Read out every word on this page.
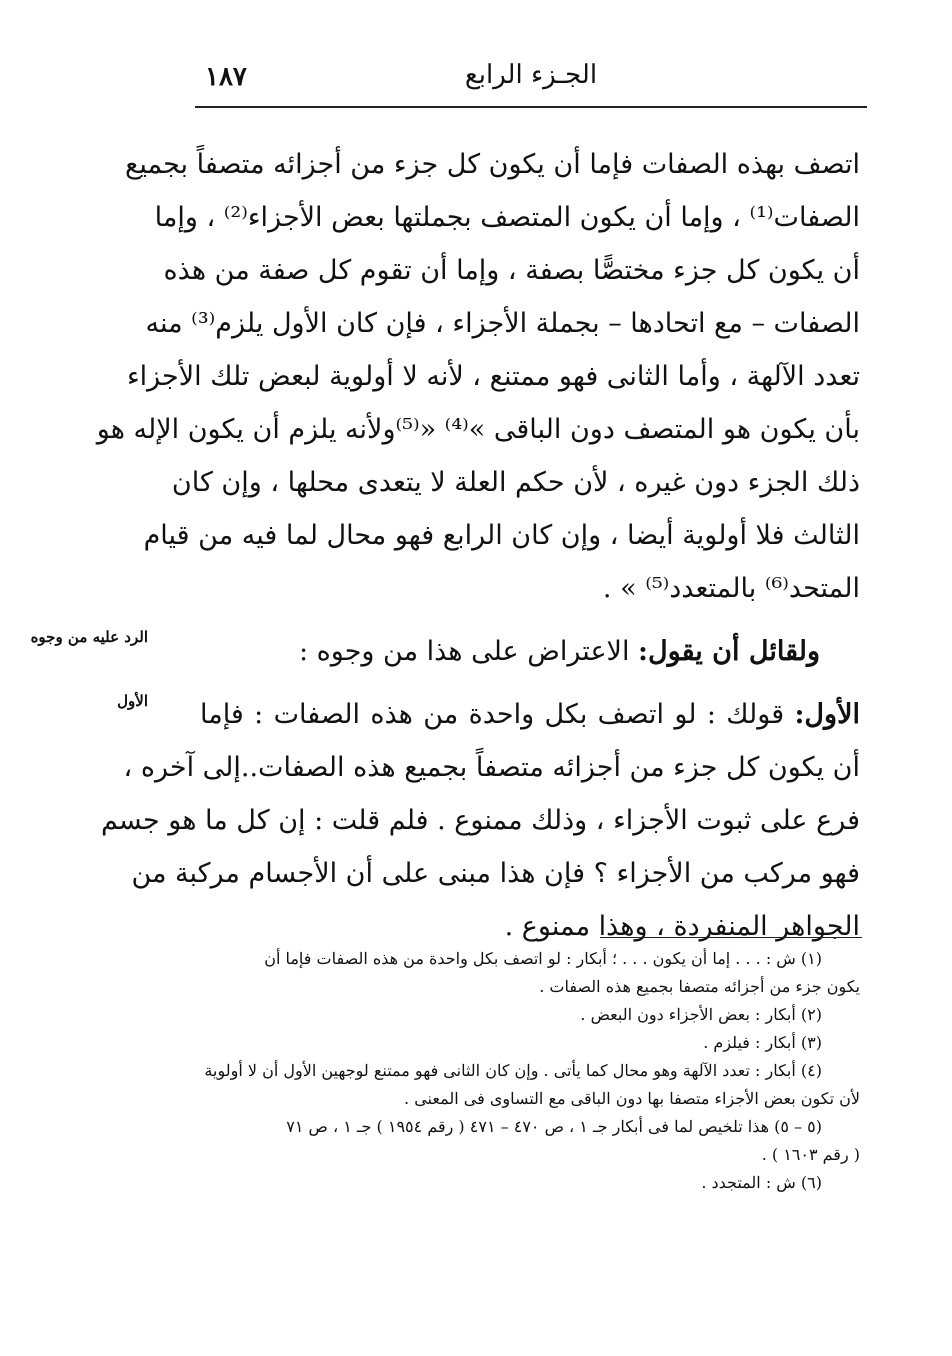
١٨٧	الجـزء الرابع
اتصف بهذه الصفات فإما أن يكون كل جزء من أجزائه متصفاً بجميع
الصفات⁽¹⁾ ، وإما أن يكون المتصف بجملتها بعض الأجزاء⁽²⁾ ، وإما
أن يكون كل جزء مختصًّا بصفة ، وإما أن تقوم كل صفة من هذه
الصفات – مع اتحادها – بجملة الأجزاء ، فإن كان الأول يلزم⁽³⁾ منه
تعدد الآلهة ، وأما الثانى فهو ممتنع ، لأنه لا أولوية لبعض تلك الأجزاء
بأن يكون هو المتصف دون الباقى »⁽⁴⁾ «⁽⁵⁾ولأنه يلزم أن يكون الإله هو
ذلك الجزء دون غيره ، لأن حكم العلة لا يتعدى محلها ، وإن كان
الثالث فلا أولوية أيضا ، وإن كان الرابع فهو محال لما فيه من قيام
المتحد⁽⁶⁾ بالمتعدد⁽⁵⁾ » .
ولقائل أن يقول: الاعتراض على هذا من وجوه :
الأول: قولك : لو اتصف بكل واحدة من هذه الصفات : فإما
أن يكون كل جزء من أجزائه متصفاً بجميع هذه الصفات..إلى آخره ،
فرع على ثبوت الأجزاء ، وذلك ممنوع . فلم قلت : إن كل ما هو جسم
فهو مركب من الأجزاء ؟ فإن هذا مبنى على أن الأجسام مركبة من
الجواهر المنفردة ، وهذا ممنوع .
الرد عليه من وجوه
الأول
(١) ش : . . . إما أن يكون . . . ؛ أبكار : لو اتصف بكل واحدة من هذه الصفات فإما أن
يكون جزء من أجزائه متصفا بجميع هذه الصفات .
(٢) أبكار : بعض الأجزاء دون البعض .
(٣) أبكار : فيلزم .
(٤) أبكار : تعدد الآلهة وهو محال كما يأتى . وإن كان الثانى فهو ممتنع لوجهين الأول أن لا أولوية
لأن تكون بعض الأجزاء متصفا بها دون الباقى مع التساوى فى المعنى .
(٥ – ٥) هذا تلخيص لما فى أبكار جـ ١ ، ص ٤٧٠ – ٤٧١ ( رقم ١٩٥٤ ) جـ ١ ، ص ٧١
( رقم ١٦٠٣ ) .
(٦) ش : المتجدد .
